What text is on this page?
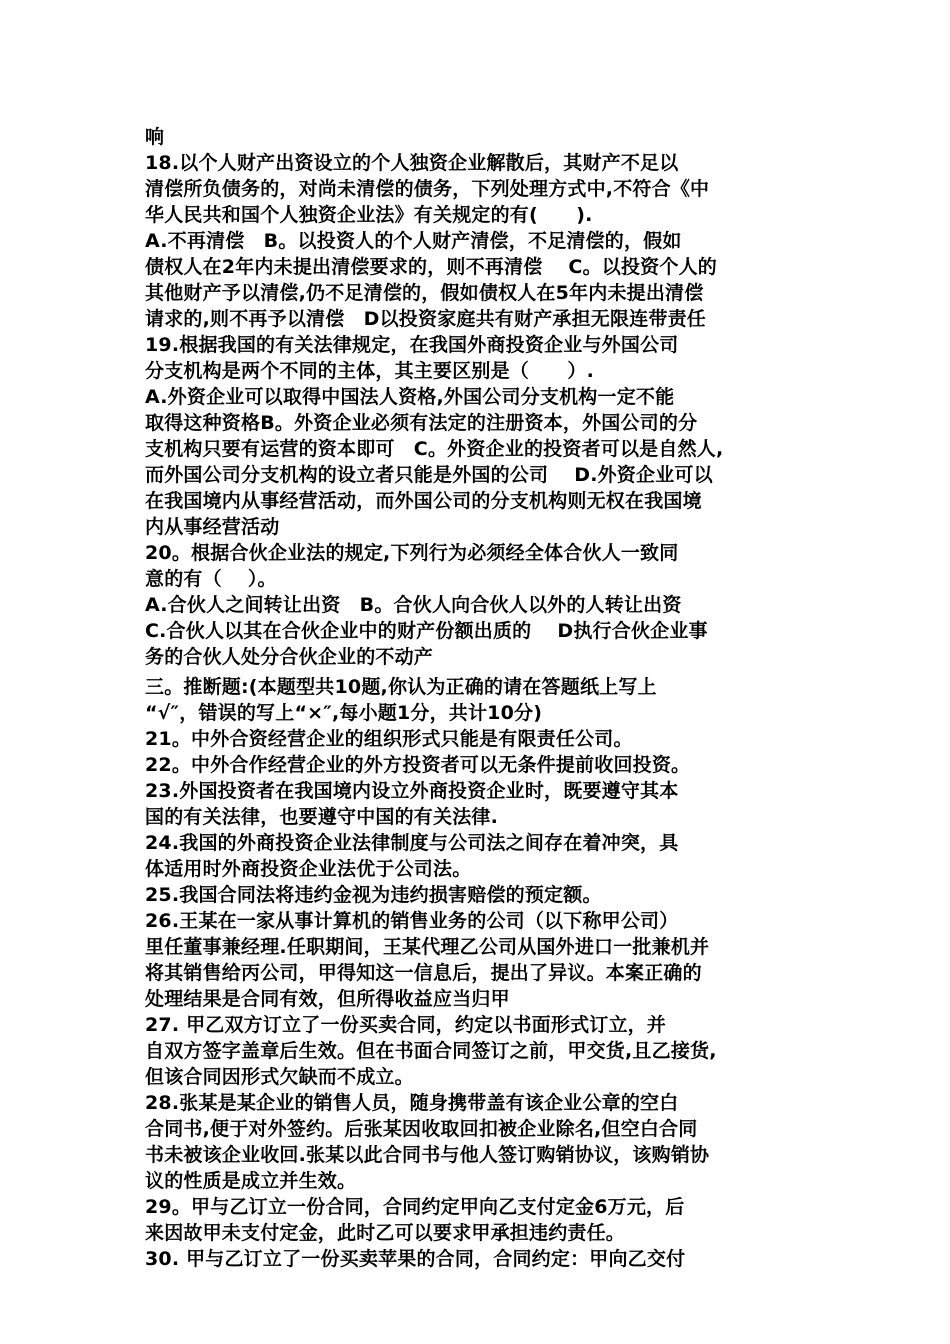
响
18.以个人财产出资设立的个人独资企业解散后，其财产不足以
清偿所负债务的，对尚未清偿的债务，下列处理方式中,不符合《中
华人民共和国个人独资企业法》有关规定的有(　　).
A.不再清偿　B。以投资人的个人财产清偿，不足清偿的，假如
债权人在2年内未提出清偿要求的，则不再清偿　 C。以投资个人的
其他财产予以清偿,仍不足清偿的，假如债权人在5年内未提出清偿
请求的,则不再予以清偿　D以投资家庭共有财产承担无限连带责任
19.根据我国的有关法律规定，在我国外商投资企业与外国公司
分支机构是两个不同的主体，其主要区别是（　　）.
A.外资企业可以取得中国法人资格,外国公司分支机构一定不能
取得这种资格B。外资企业必须有法定的注册资本，外国公司的分
支机构只要有运营的资本即可　C。外资企业的投资者可以是自然人,
而外国公司分支机构的设立者只能是外国的公司　 D.外资企业可以
在我国境内从事经营活动，而外国公司的分支机构则无权在我国境
内从事经营活动
20。根据合伙企业法的规定,下列行为必须经全体合伙人一致同
意的有（　 ）。
A.合伙人之间转让出资　B。合伙人向合伙人以外的人转让出资
C.合伙人以其在合伙企业中的财产份额出质的　 D执行合伙企业事
务的合伙人处分合伙企业的不动产
三。推断题:(本题型共10题,你认为正确的请在答题纸上写上
“√″，错误的写上“×″,每小题1分，共计10分)
21。中外合资经营企业的组织形式只能是有限责任公司。
22。中外合作经营企业的外方投资者可以无条件提前收回投资。
23.外国投资者在我国境内设立外商投资企业时，既要遵守其本
国的有关法律，也要遵守中国的有关法律.
24.我国的外商投资企业法律制度与公司法之间存在着冲突，具
体适用时外商投资企业法优于公司法。
25.我国合同法将违约金视为违约损害赔偿的预定额。
26.王某在一家从事计算机的销售业务的公司（以下称甲公司）
里任董事兼经理.任职期间，王某代理乙公司从国外进口一批兼机并
将其销售给丙公司，甲得知这一信息后，提出了异议。本案正确的
处理结果是合同有效，但所得收益应当归甲
27. 甲乙双方订立了一份买卖合同，约定以书面形式订立，并
自双方签字盖章后生效。但在书面合同签订之前，甲交货,且乙接货,
但该合同因形式欠缺而不成立。
28.张某是某企业的销售人员，随身携带盖有该企业公章的空白
合同书,便于对外签约。后张某因收取回扣被企业除名,但空白合同
书未被该企业收回.张某以此合同书与他人签订购销协议，该购销协
议的性质是成立并生效。
29。甲与乙订立一份合同，合同约定甲向乙支付定金6万元，后
来因故甲未支付定金，此时乙可以要求甲承担违约责任。
30. 甲与乙订立了一份买卖苹果的合同，合同约定：甲向乙交付
